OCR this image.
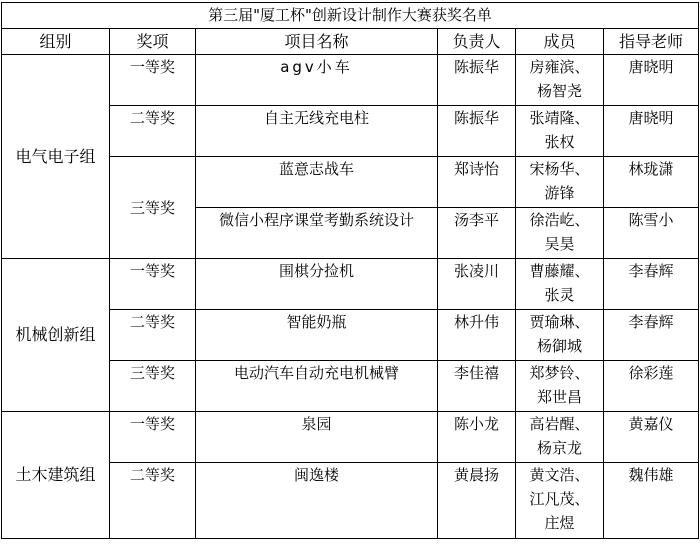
第三届"厦工杯"创新设计制作大赛获奖名单					
组别	奖项	项目名称	负责人	成员	指导老师
电气电子组	一等奖	agv小车	陈振华	房雍滨、
杨智尧	唐晓明
	二等奖	自主无线充电柱	陈振华	张靖隆、
张权	唐晓明
	三等奖	蓝意志战车	郑诗怡	宋杨华、
游锋	林珑潇
		微信小程序课堂考勤系统设计	汤李平	徐浩屹、
吴昊	陈雪小
机械创新组	一等奖	围棋分捡机	张凌川	曹藤耀、
张灵	李春辉
	二等奖	智能奶瓶	林升伟	贾瑜琳、
杨御城	李春辉
	三等奖	电动汽车自动充电机械臂	李佳禧	郑梦铃、
郑世昌	徐彩莲
土木建筑组	一等奖	泉园	陈小龙	高岩醒、
杨京龙	黄嘉仪
	二等奖	闽逸楼	黄晨扬	黄文浩、
江凡茂、
庄煜	魏伟雄
